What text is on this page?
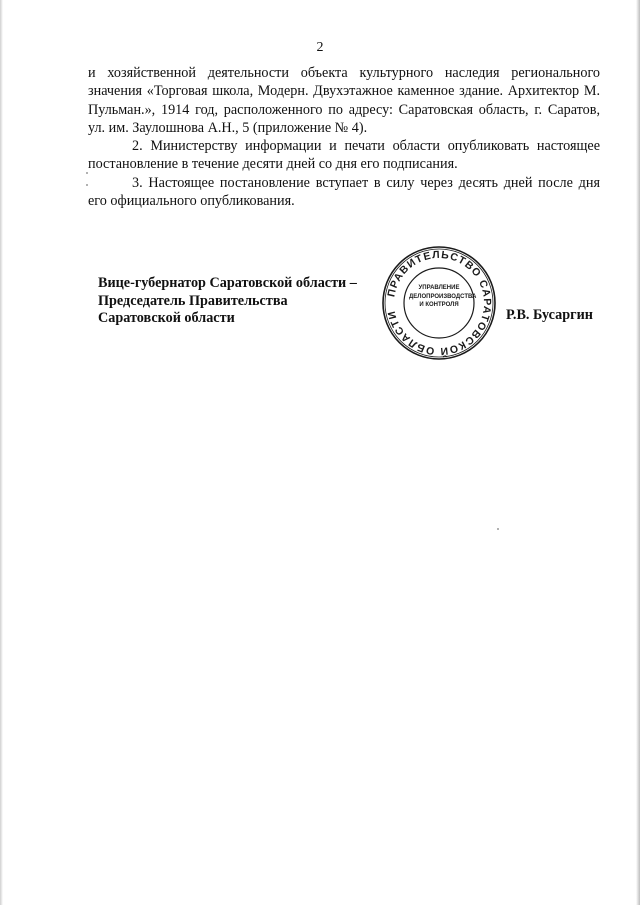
2

и хозяйственной деятельности объекта культурного наследия регионального значения «Торговая школа, Модерн. Двухэтажное каменное здание. Архитектор М. Пульман.», 1914 год, расположенного по адресу: Саратовская область, г. Саратов, ул. им. Заулошнова А.Н., 5 (приложение № 4).

2. Министерству информации и печати области опубликовать настоящее постановление в течение десяти дней со дня его подписания.

3. Настоящее постановление вступает в силу через десять дней после дня его официального опубликования.

Вице-губернатор Саратовской области –
Председатель Правительства
Саратовской области
ПРАВИТЕЛЬСТВО САРАТОВСКОЙ ОБЛАСТИ
УПРАВЛЕНИЕ
ДЕЛОПРОИЗВОДСТВА
И КОНТРОЛЯ
Р.В. Бусаргин
